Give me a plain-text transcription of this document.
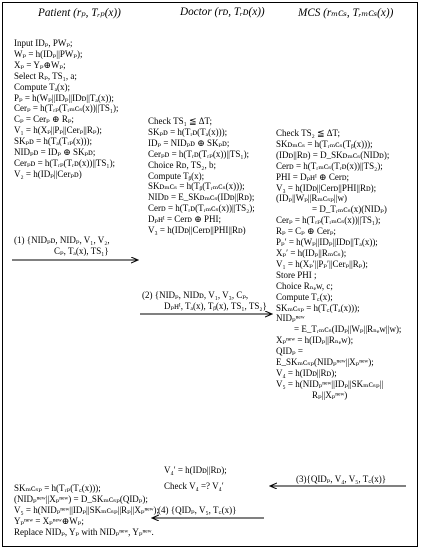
Patient (rₚ, Tᵣₚ(x))	Doctor (rᴅ, Tᵣᴅ(x))	MCS (rₘᴄₛ, Tᵣₘᴄₛ(x))
Input IDₚ, PWₚ;
Wₚ = h(IDₚ||PWₚ);
Xₚ = Yₚ⊕Wₚ;
Select Rₚ, TS₁, a;
Compute Tₐ(x);
Pₚ = h(Wₚ||IDₚ||IDᴅ||Tₐ(x));
Cerₚ = h(Tᵣₚ(Tᵣₘᴄₛ(x))||TS₁);
Cₚ = Cerₚ ⊕ Rₚ;
V₁ = h(Xₚ||Pₚ||Cerₚ||Rₚ);
SKₚᴅ = h(Tₐ(Tᵣₚ(x)));
NIDₚᴅ = IDₚ ⊕ SKₚᴅ;
Cerₚᴅ = h(Tᵣₚ(Tᵣᴅ(x))||TS₁);
V₂ = h(IDₚ||Cerₚᴅ)
Check TS₁ ≦ ΔT;
SKₚᴅ = h(Tᵣᴅ(Tₐ(x)));
IDₚ = NIDₚᴅ ⊕ SKₚᴅ;
Cerₚᴅ = h(Tᵣᴅ(Tᵣₚ(x))||TS₁);
Choice Rᴅ, TS₂, b;
Compute Tᵦ(x);
SKᴅₘᴄₛ = h(Tᵦ(Tᵣₘᴄₛ(x)));
NIDᴅ = E_SKᴅₘᴄₛ(IDᴅ||Rᴅ);
Cerᴅ = h(Tᵣᴅ(Tᵣₘᴄₛ(x))||TS₂);
Dₚʜᴵ = Cerᴅ ⊕ PHI;
V₃ = h(IDᴅ||Cerᴅ||PHI||Rᴅ)
Check TS₂ ≦ ΔT;
SKᴅₘᴄₛ = h(Tᵣₘᴄₛ(Tᵦ(x)));
(IDᴅ||Rᴅ) = D_SKᴅₘᴄₛ(NIDᴅ);
Cerᴅ = h(Tᵣₘᴄₛ(Tᵣᴅ(x))||TS₂);
PHI = Dₚʜᴵ ⊕ Cerᴅ;
V₃ = h(IDᴅ||Cerᴅ||PHI||Rᴅ);
(IDₚ||Wₚ||Rₘᴄₛₚ||w)
= D_Tᵣₘᴄₛ(x)(NIDₚ)
Cerₚ = h(Tᵣₚ(Tᵣₘᴄₛ(x))||TS₁);
Rₚ = Cₚ ⊕ Cerₚ;
Pₚ′ = h(Wₚ||IDₚ||IDᴅ||Tₐ(x));
Xₚ′ = h(IDₚ||Rₘᴄₛ);
V₁ = h(Xₚ′||Pₚ′||Cerₚ||Rₚ);
Store PHI ;
Choice Rₙₑw, c;
Compute T꜀(x);
SKₘᴄₛₚ = h(T꜀(Tₐ(x)));
NIDₚⁿᵉʷ
= E_Tᵣₘᴄₛ(IDₚ||Wₚ||Rₙₑw||w);
Xₚⁿᵉʷ = h(IDₚ||Rₙₑw);
QIDₚ =
E_SKₘᴄₛₚ(NIDₚⁿᵉʷ||Xₚⁿᵉʷ);
V₄ = h(IDᴅ||Rᴅ);
V₅ = h(NIDₚⁿᵉʷ||IDₚ||SKₘᴄₛₚ||
Rₚ||Xₚⁿᵉʷ)
V₄′ = h(IDᴅ||Rᴅ);
Check V₄ =? V₄′
SKₘᴄₛₚ = h(Tᵣₚ(T꜀(x)));
(NIDₚⁿᵉʷ||Xₚⁿᵉʷ) = D_SKₘᴄₛₚ(QIDₚ);
V₅ = h(NIDₚⁿᵉʷ||IDₚ||SKₘᴄₛₚ||Rₚ||Xₚⁿᵉʷ);
Yₚⁿᵉʷ = Xₚⁿᵉʷ⊕Wₚ;
Replace NIDₚ, Yₚ with NIDₚⁿᵉʷ, Yₚⁿᵉʷ.
(1) {NIDₚᴅ, NIDₚ, V₁, V₂,
Cₚ, Tₐ(x), TS₁}
(2) {NIDₚ, NIDᴅ, V₁, V₃, Cₚ,
Dₚʜᴵ, Tₐ(x), Tᵦ(x), TS₁, TS₂}
(3){QIDₚ, V₄, V₅, T꜀(x)}
(4) {QIDₚ, V₅, T꜀(x)}
